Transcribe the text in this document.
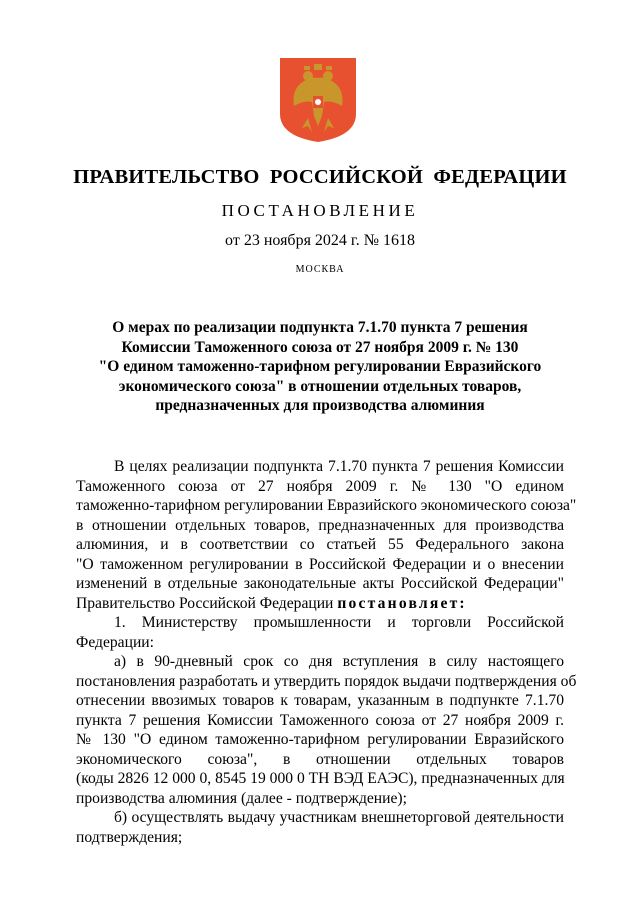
ПРАВИТЕЛЬСТВО РОССИЙСКОЙ ФЕДЕРАЦИИ
ПОСТАНОВЛЕНИЕ
от 23 ноября 2024 г. № 1618
МОСКВА
О мерах по реализации подпункта 7.1.70 пункта 7 решения
Комиссии Таможенного союза от 27 ноября 2009 г. № 130
"О едином таможенно-тарифном регулировании Евразийского
экономического союза" в отношении отдельных товаров,
предназначенных для производства алюминия
В целях реализации подпункта 7.1.70 пункта 7 решения Комиссии
Таможенного союза от 27 ноября 2009 г. № 130 "О едином
таможенно-тарифном регулировании Евразийского экономического союза"
в отношении отдельных товаров, предназначенных для производства
алюминия, и в соответствии со статьей 55 Федерального закона
"О таможенном регулировании в Российской Федерации и о внесении
изменений в отдельные законодательные акты Российской Федерации"
Правительство Российской Федерации постановляет:
1. Министерству промышленности и торговли Российской
Федерации:
а) в 90-дневный срок со дня вступления в силу настоящего
постановления разработать и утвердить порядок выдачи подтверждения об
отнесении ввозимых товаров к товарам, указанным в подпункте 7.1.70
пункта 7 решения Комиссии Таможенного союза от 27 ноября 2009 г.
№ 130 "О едином таможенно-тарифном регулировании Евразийского
экономического союза", в отношении отдельных товаров
(коды 2826 12 000 0, 8545 19 000 0 ТН ВЭД ЕАЭС), предназначенных для
производства алюминия (далее - подтверждение);
б) осуществлять выдачу участникам внешнеторговой деятельности
подтверждения;
